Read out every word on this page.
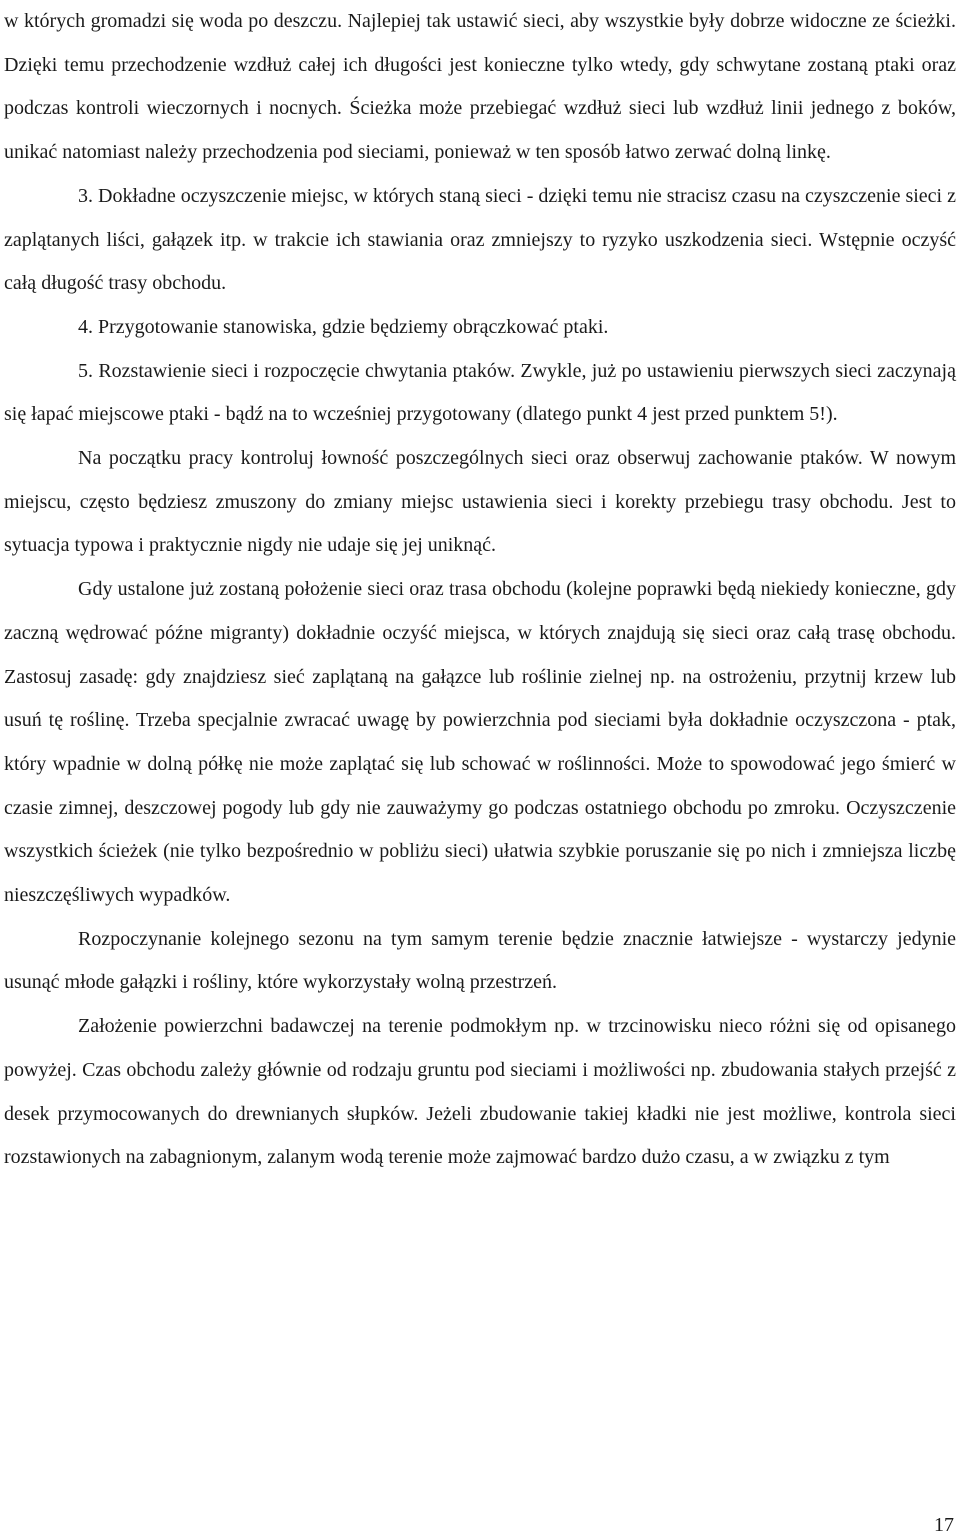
w których gromadzi się woda po deszczu. Najlepiej tak ustawić sieci, aby wszystkie były dobrze widoczne ze ścieżki. Dzięki temu przechodzenie wzdłuż całej ich długości jest konieczne tylko wtedy, gdy schwytane zostaną ptaki oraz podczas kontroli wieczornych i nocnych. Ścieżka może przebiegać wzdłuż sieci lub wzdłuż linii jednego z boków, unikać natomiast należy przechodzenia pod sieciami, ponieważ w ten sposób łatwo zerwać dolną linkę.

3. Dokładne oczyszczenie miejsc, w których staną sieci - dzięki temu nie stracisz czasu na czyszczenie sieci z zaplątanych liści, gałązek itp. w trakcie ich stawiania oraz zmniejszy to ryzyko uszkodzenia sieci. Wstępnie oczyść całą długość trasy obchodu.

4. Przygotowanie stanowiska, gdzie będziemy obrączkować ptaki.

5. Rozstawienie sieci i rozpoczęcie chwytania ptaków. Zwykle, już po ustawieniu pierwszych sieci zaczynają się łapać miejscowe ptaki - bądź na to wcześniej przygotowany (dlatego punkt 4 jest przed punktem 5!).

Na początku pracy kontroluj łowność poszczególnych sieci oraz obserwuj zachowanie ptaków. W nowym miejscu, często będziesz zmuszony do zmiany miejsc ustawienia sieci i korekty przebiegu trasy obchodu. Jest to sytuacja typowa i praktycznie nigdy nie udaje się jej uniknąć.

Gdy ustalone już zostaną położenie sieci oraz trasa obchodu (kolejne poprawki będą niekiedy konieczne, gdy zaczną wędrować późne migranty) dokładnie oczyść miejsca, w których znajdują się sieci oraz całą trasę obchodu. Zastosuj zasadę: gdy znajdziesz sieć zaplątaną na gałązce lub roślinie zielnej np. na ostrożeniu, przytnij krzew lub usuń tę roślinę. Trzeba specjalnie zwracać uwagę by powierzchnia pod sieciami była dokładnie oczyszczona - ptak, który wpadnie w dolną półkę nie może zaplątać się lub schować w roślinności. Może to spowodować jego śmierć w czasie zimnej, deszczowej pogody lub gdy nie zauważymy go podczas ostatniego obchodu po zmroku. Oczyszczenie wszystkich ścieżek (nie tylko bezpośrednio w pobliżu sieci) ułatwia szybkie poruszanie się po nich i zmniejsza liczbę nieszczęśliwych wypadków.

Rozpoczynanie kolejnego sezonu na tym samym terenie będzie znacznie łatwiejsze - wystarczy jedynie usunąć młode gałązki i rośliny, które wykorzystały wolną przestrzeń.

Założenie powierzchni badawczej na terenie podmokłym np. w trzcinowisku nieco różni się od opisanego powyżej. Czas obchodu zależy głównie od rodzaju gruntu pod sieciami i możliwości np. zbudowania stałych przejść z desek przymocowanych do drewnianych słupków. Jeżeli zbudowanie takiej kładki nie jest możliwe, kontrola sieci rozstawionych na zabagnionym, zalanym wodą terenie może zajmować bardzo dużo czasu, a w związku z tym

17
